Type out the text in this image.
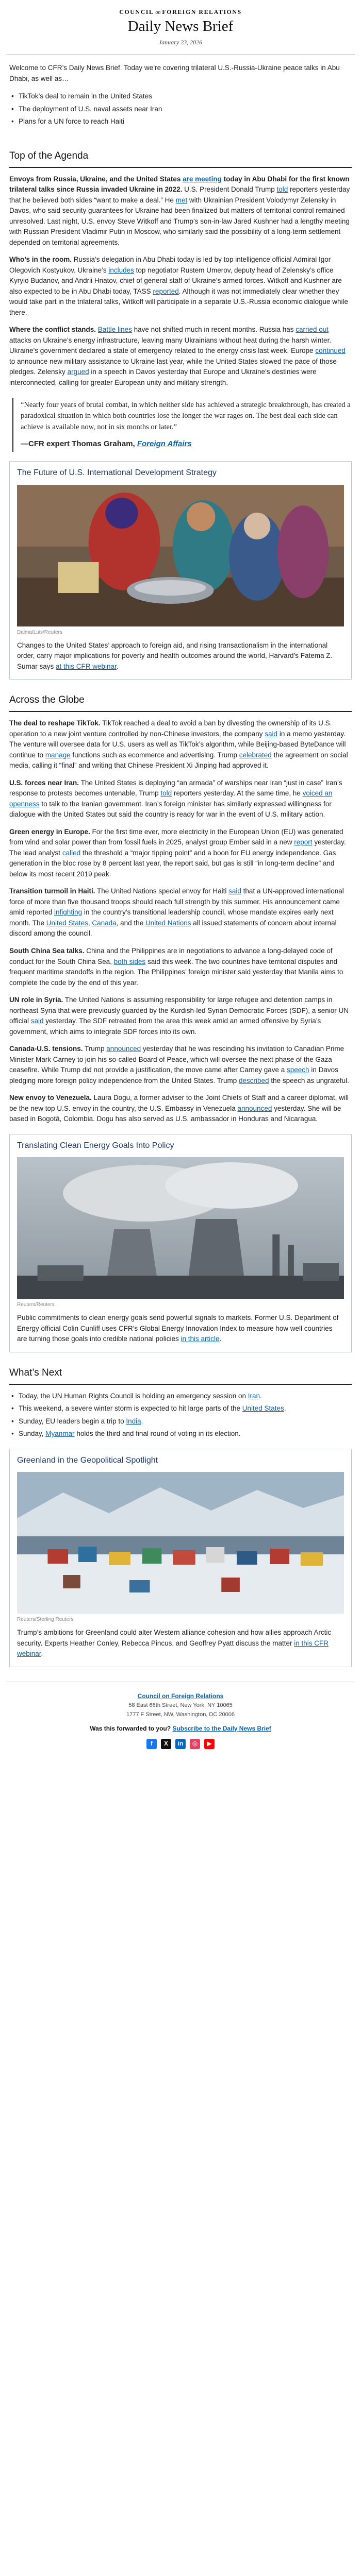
COUNCIL on FOREIGN RELATIONS
Daily News Brief
January 23, 2026

Welcome to CFR’s Daily News Brief. Today we’re covering trilateral U.S.-Russia-Ukraine peace talks in Abu Dhabi, as well as…

• TikTok’s deal to remain in the United States
• The deployment of U.S. naval assets near Iran
• Plans for a UN force to reach Haiti
Top of the Agenda

Envoys from Russia, Ukraine, and the United States are meeting today in Abu Dhabi for the first known trilateral talks since Russia invaded Ukraine in 2022. U.S. President Donald Trump told reporters yesterday that he believed both sides “want to make a deal.” He met with Ukrainian President Volodymyr Zelensky in Davos, who said security guarantees for Ukraine had been finalized but matters of territorial control remained unresolved. Last night, U.S. envoy Steve Witkoff and Trump’s son-in-law Jared Kushner had a lengthy meeting with Russian President Vladimir Putin in Moscow, who similarly said the possibility of a long-term settlement depended on territorial agreements.

Who’s in the room. Russia’s delegation in Abu Dhabi today is led by top intelligence official Admiral Igor Olegovich Kostyukov. Ukraine’s includes top negotiator Rustem Umerov, deputy head of Zelensky’s office Kyrylo Budanov, and Andrii Hnatov, chief of general staff of Ukraine’s armed forces. Witkoff and Kushner are also expected to be in Abu Dhabi today, TASS reported. Although it was not immediately clear whether they would take part in the trilateral talks, Witkoff will participate in a separate U.S.-Russia economic dialogue while there.

Where the conflict stands. Battle lines have not shifted much in recent months. Russia has carried out attacks on Ukraine’s energy infrastructure, leaving many Ukrainians without heat during the harsh winter. Ukraine’s government declared a state of emergency related to the energy crisis last week. Europe continued to announce new military assistance to Ukraine last year, while the United States slowed the pace of those pledges. Zelensky argued in a speech in Davos yesterday that Europe and Ukraine’s destinies were interconnected, calling for greater European unity and military strength.

“Nearly four years of brutal combat, in which neither side has achieved a strategic breakthrough, has created a paradoxical situation in which both countries lose the longer the war rages on. The best deal each side can achieve is available now, not in six months or later.”
—CFR expert Thomas Graham, Foreign Affairs
The Future of U.S. International Development Strategy
Dalma/Luis/Reuters

Changes to the United States’ approach to foreign aid, and rising transactionalism in the international order, carry major implications for poverty and health outcomes around the world, Harvard’s Fatema Z. Sumar says at this CFR webinar.

Across the Globe

The deal to reshape TikTok. TikTok reached a deal to avoid a ban by divesting the ownership of its U.S. operation to a new joint venture controlled by non-Chinese investors, the company said in a memo yesterday. The venture will oversee data for U.S. users as well as TikTok’s algorithm, while Beijing-based ByteDance will continue to manage functions such as ecommerce and advertising. Trump celebrated the agreement on social media, calling it “final” and writing that Chinese President Xi Jinping had approved it.

U.S. forces near Iran. The United States is deploying “an armada” of warships near Iran “just in case” Iran’s response to protests becomes untenable, Trump told reporters yesterday. At the same time, he voiced an openness to talk to the Iranian government. Iran’s foreign minister has similarly expressed willingness for dialogue with the United States but said the country is ready for war in the event of U.S. military action.

Green energy in Europe. For the first time ever, more electricity in the European Union (EU) was generated from wind and solar power than from fossil fuels in 2025, analyst group Ember said in a new report yesterday. The lead analyst called the threshold a “major tipping point” and a boon for EU energy independence. Gas generation in the bloc rose by 8 percent last year, the report said, but gas is still “in long-term decline” and below its most recent 2019 peak.

Transition turmoil in Haiti. The United Nations special envoy for Haiti said that a UN-approved international force of more than five thousand troops should reach full strength by this summer. His announcement came amid reported infighting in the country’s transitional leadership council, whose mandate expires early next month. The United States, Canada, and the United Nations all issued statements of concern about internal discord among the council.

South China Sea talks. China and the Philippines are in negotiations to advance a long-delayed code of conduct for the South China Sea, both sides said this week. The two countries have territorial disputes and frequent maritime standoffs in the region. The Philippines’ foreign minister said yesterday that Manila aims to complete the code by the end of this year.

UN role in Syria. The United Nations is assuming responsibility for large refugee and detention camps in northeast Syria that were previously guarded by the Kurdish-led Syrian Democratic Forces (SDF), a senior UN official said yesterday. The SDF retreated from the area this week amid an armed offensive by Syria’s government, which aims to integrate SDF forces into its own.

Canada-U.S. tensions. Trump announced yesterday that he was rescinding his invitation to Canadian Prime Minister Mark Carney to join his so-called Board of Peace, which will oversee the next phase of the Gaza ceasefire. While Trump did not provide a justification, the move came after Carney gave a speech in Davos pledging more foreign policy independence from the United States. Trump described the speech as ungrateful.

New envoy to Venezuela. Laura Dogu, a former adviser to the Joint Chiefs of Staff and a career diplomat, will be the new top U.S. envoy in the country, the U.S. Embassy in Venezuela announced yesterday. She will be based in Bogotá, Colombia. Dogu has also served as U.S. ambassador in Honduras and Nicaragua.

Translating Clean Energy Goals Into Policy
Reuters/Reuters

Public commitments to clean energy goals send powerful signals to markets. Former U.S. Department of Energy official Colin Cunliff uses CFR’s Global Energy Innovation Index to measure how well countries are turning those goals into credible national policies in this article.

What’s Next
• Today, the UN Human Rights Council is holding an emergency session on Iran.
• This weekend, a severe winter storm is expected to hit large parts of the United States.
• Sunday, EU leaders begin a trip to India.
• Sunday, Myanmar holds the third and final round of voting in its election.
Greenland in the Geopolitical Spotlight
Reuters/Sterling Reuters

Trump’s ambitions for Greenland could alter Western alliance cohesion and how allies approach Arctic security. Experts Heather Conley, Rebecca Pincus, and Geoffrey Pyatt discuss the matter in this CFR webinar.

Council on Foreign Relations
58 East 68th Street, New York, NY 10065
1777 F Street, NW, Washington, DC 20006
Was this forwarded to you? Subscribe to the Daily News Brief
f	X	in	◎	▶
